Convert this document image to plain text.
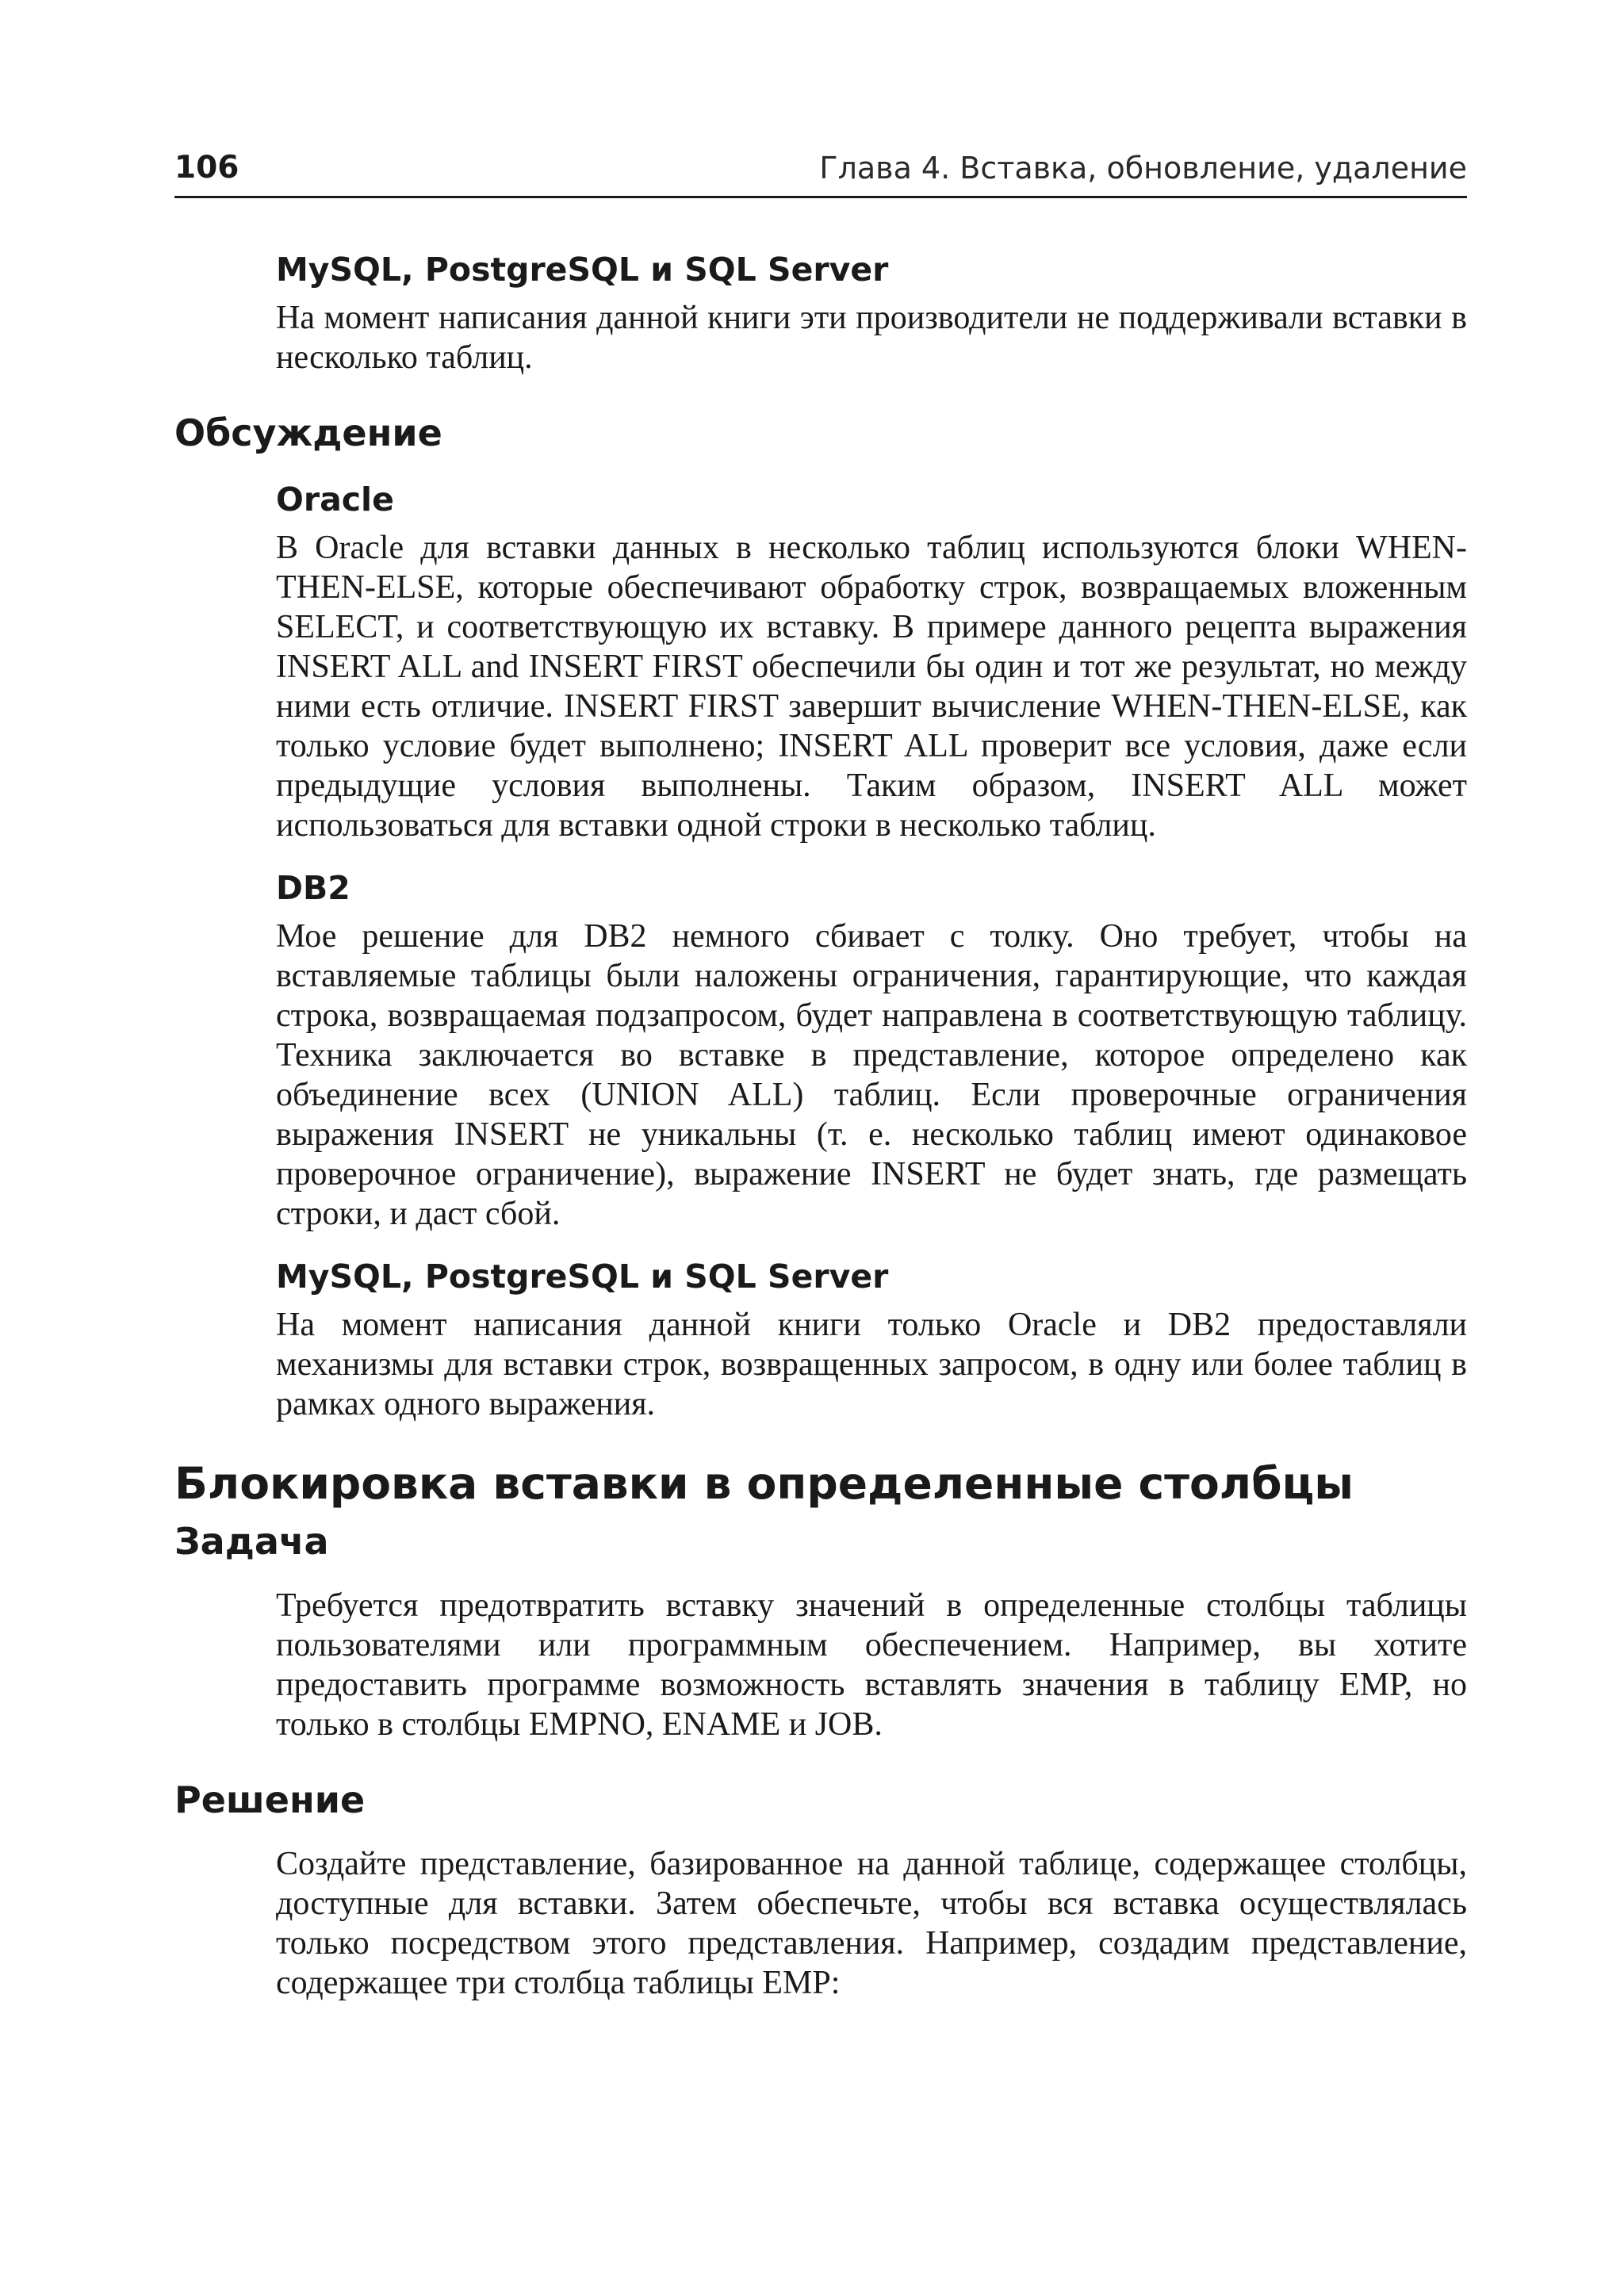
106	Глава 4. Вставка, обновление, удаление
MySQL, PostgreSQL и SQL Server

На момент написания данной книги эти производители не поддерживали вставки в несколько таблиц.

Обсуждение
Oracle

В Oracle для вставки данных в несколько таблиц используются блоки WHEN-THEN-ELSE, которые обеспечивают обработку строк, возвращаемых вложенным SELECT, и соответствующую их вставку. В примере данного рецепта выражения INSERT ALL and INSERT FIRST обеспечили бы один и тот же результат, но между ними есть отличие. INSERT FIRST завершит вычисление WHEN-THEN-ELSE, как только условие будет выполнено; INSERT ALL проверит все условия, даже если предыдущие условия выполнены. Таким образом, INSERT ALL может использоваться для вставки одной строки в несколько таблиц.

DB2

Мое решение для DB2 немного сбивает с толку. Оно требует, чтобы на вставляемые таблицы были наложены ограничения, гарантирующие, что каждая строка, возвращаемая подзапросом, будет направлена в соответствующую таблицу. Техника заключается во вставке в представление, которое определено как объединение всех (UNION ALL) таблиц. Если проверочные ограничения выражения INSERT не уникальны (т. е. несколько таблиц имеют одинаковое проверочное ограничение), выражение INSERT не будет знать, где размещать строки, и даст сбой.

MySQL, PostgreSQL и SQL Server

На момент написания данной книги только Oracle и DB2 предоставляли механизмы для вставки строк, возвращенных запросом, в одну или более таблиц в рамках одного выражения.

Блокировка вставки в определенные столбцы
Задача

Требуется предотвратить вставку значений в определенные столбцы таблицы пользователями или программным обеспечением. Например, вы хотите предоставить программе возможность вставлять значения в таблицу EMP, но только в столбцы EMPNO, ENAME и JOB.

Решение

Создайте представление, базированное на данной таблице, содержащее столбцы, доступные для вставки. Затем обеспечьте, чтобы вся вставка осуществлялась только посредством этого представления. Например, создадим представление, содержащее три столбца таблицы EMP:
